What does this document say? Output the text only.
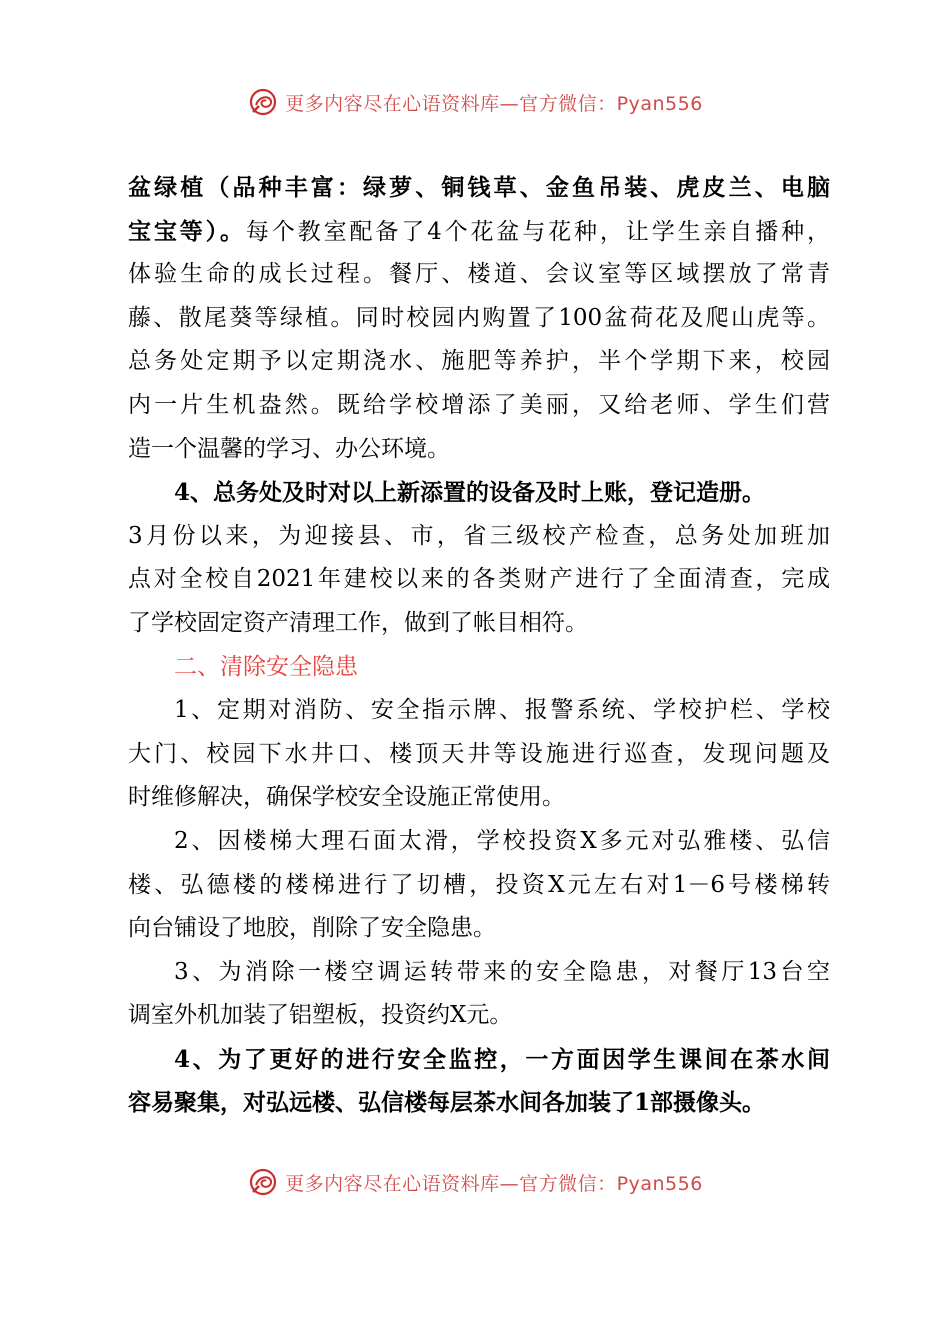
更多内容尽在心语资料库—官方微信：Pyan556
盆绿植（品种丰富：绿萝、铜钱草、金鱼吊装、虎皮兰、电脑
宝宝等）。每个教室配备了4个花盆与花种，让学生亲自播种，
体验生命的成长过程。餐厅、楼道、会议室等区域摆放了常青
藤、散尾葵等绿植。同时校园内购置了100盆荷花及爬山虎等。
总务处定期予以定期浇水、施肥等养护，半个学期下来，校园
内一片生机盎然。既给学校增添了美丽，又给老师、学生们营
造一个温馨的学习、办公环境。
4、总务处及时对以上新添置的设备及时上账，登记造册。
3月份以来，为迎接县、市，省三级校产检查，总务处加班加
点对全校自2021年建校以来的各类财产进行了全面清查，完成
了学校固定资产清理工作，做到了帐目相符。
二、清除安全隐患
1、定期对消防、安全指示牌、报警系统、学校护栏、学校
大门、校园下水井口、楼顶天井等设施进行巡查，发现问题及
时维修解决，确保学校安全设施正常使用。
2、因楼梯大理石面太滑，学校投资X多元对弘雅楼、弘信
楼、弘德楼的楼梯进行了切槽，投资X元左右对1－6号楼梯转
向台铺设了地胶，削除了安全隐患。
3、为消除一楼空调运转带来的安全隐患，对餐厅13台空
调室外机加装了铝塑板，投资约X元。
4、为了更好的进行安全监控，一方面因学生课间在茶水间
容易聚集，对弘远楼、弘信楼每层茶水间各加装了1部摄像头。
更多内容尽在心语资料库—官方微信：Pyan556
